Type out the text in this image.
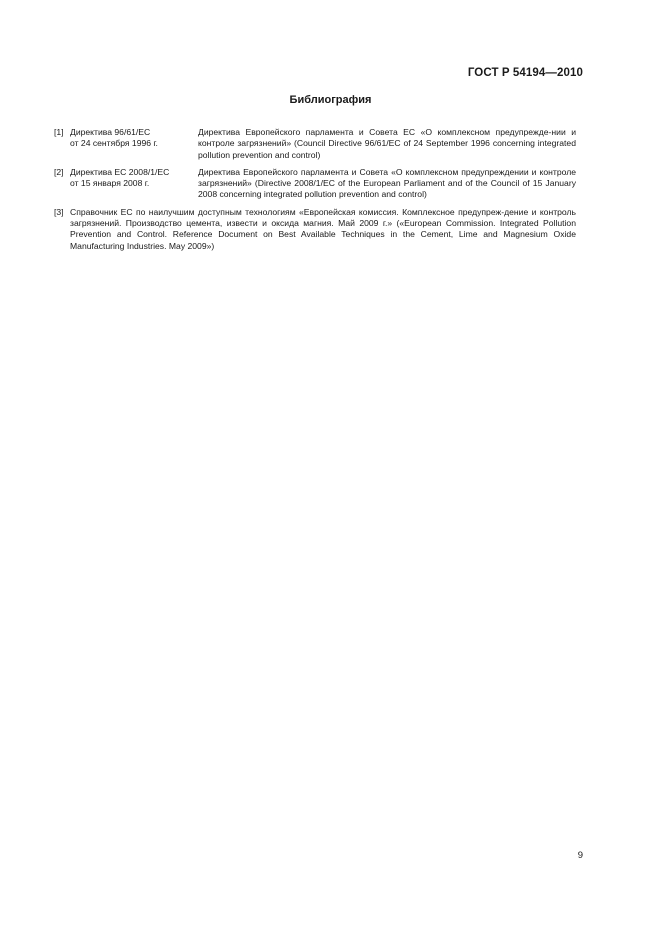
ГОСТ Р 54194—2010
Библиография
[1] Директива 96/61/ЕС
от 24 сентября 1996 г.
Директива Европейского парламента и Совета ЕС «О комплексном предупрежде-нии и контроле загрязнений» (Council Directive 96/61/EC of 24 September 1996 concerning integrated pollution prevention and control)
[2] Директива ЕС 2008/1/ЕС
от 15 января 2008 г.
Директива Европейского парламента и Совета «О комплексном предупреждении и контроле загрязнений» (Directive 2008/1/EC of the European Parliament and of the Council of 15 January 2008 concerning integrated pollution prevention and control)
[3] Справочник ЕС по наилучшим доступным технологиям «Европейская комиссия. Комплексное предупреж-дение и контроль загрязнений. Производство цемента, извести и оксида магния. Май 2009 г.» («European Commission. Integrated Pollution Prevention and Control. Reference Document on Best Available Techniques in the Cement, Lime and Magnesium Oxide Manufacturing Industries. May 2009»)
9
